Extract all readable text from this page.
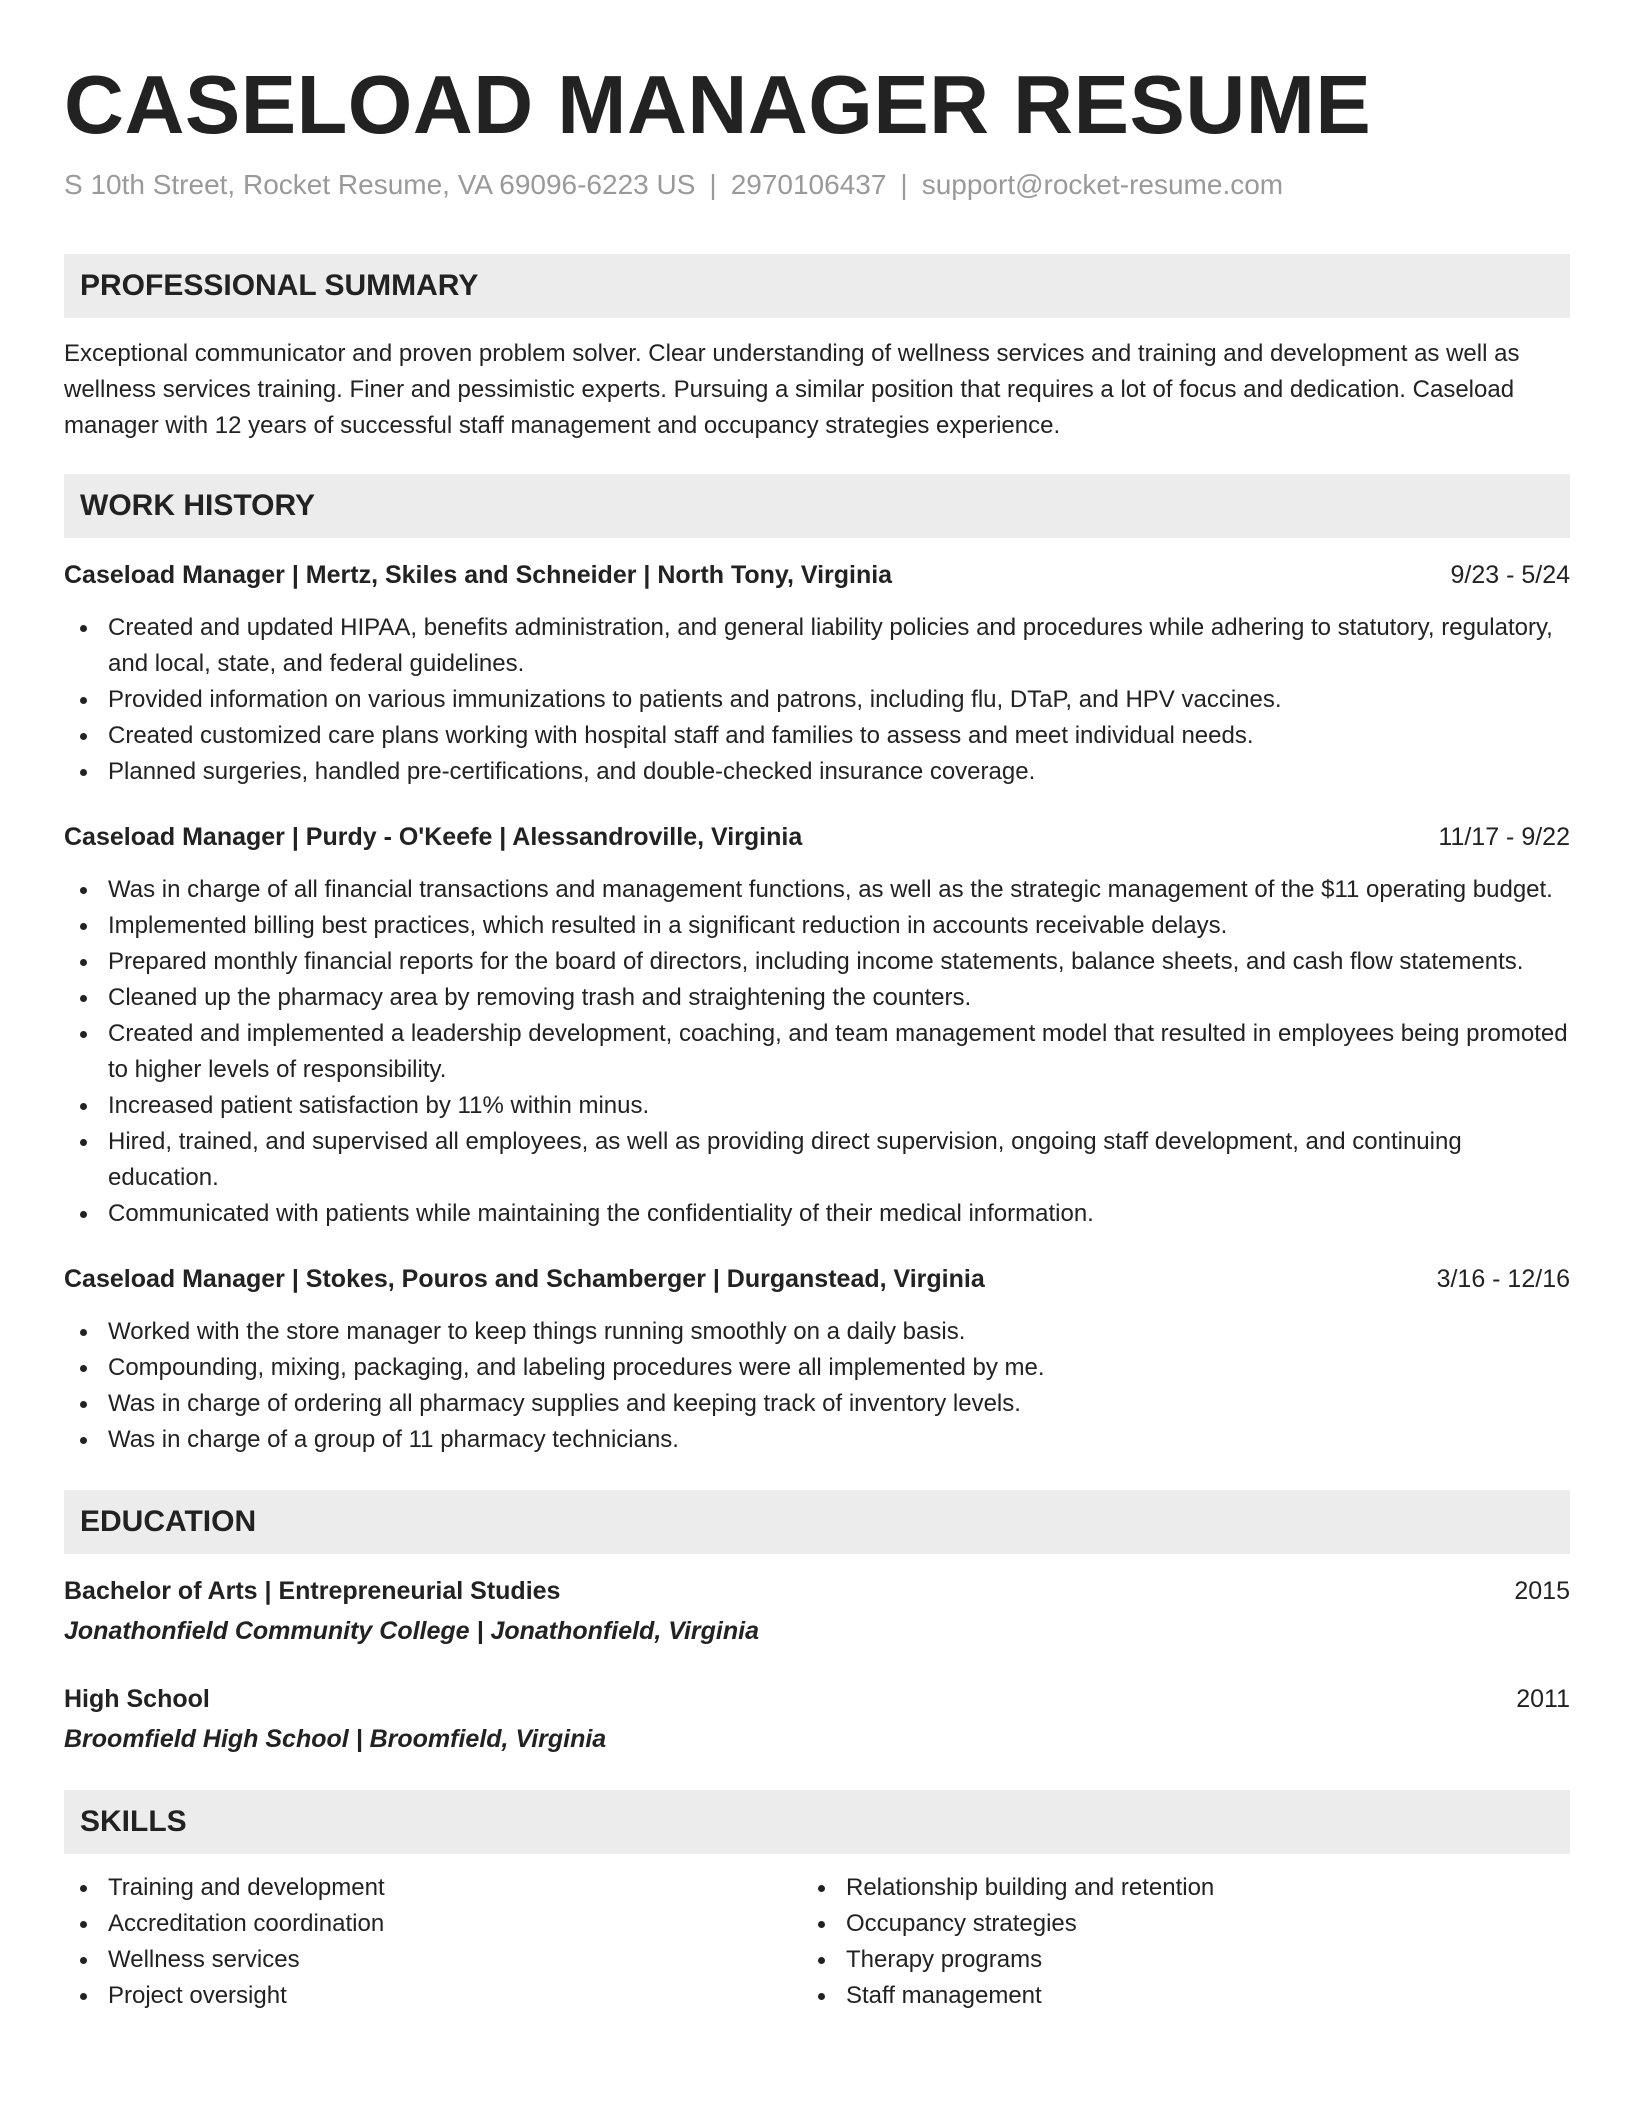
CASELOAD MANAGER RESUME
S 10th Street, Rocket Resume, VA 69096-6223 US | 2970106437 | support@rocket-resume.com
PROFESSIONAL SUMMARY

Exceptional communicator and proven problem solver. Clear understanding of wellness services and training and development as well as wellness services training. Finer and pessimistic experts. Pursuing a similar position that requires a lot of focus and dedication. Caseload manager with 12 years of successful staff management and occupancy strategies experience.

WORK HISTORY
Caseload Manager | Mertz, Skiles and Schneider | North Tony, Virginia	9/23 - 5/24
Created and updated HIPAA, benefits administration, and general liability policies and procedures while adhering to statutory, regulatory, and local, state, and federal guidelines.
Provided information on various immunizations to patients and patrons, including flu, DTaP, and HPV vaccines.
Created customized care plans working with hospital staff and families to assess and meet individual needs.
Planned surgeries, handled pre-certifications, and double-checked insurance coverage.
Caseload Manager | Purdy - O'Keefe | Alessandroville, Virginia	11/17 - 9/22
Was in charge of all financial transactions and management functions, as well as the strategic management of the $11 operating budget.
Implemented billing best practices, which resulted in a significant reduction in accounts receivable delays.
Prepared monthly financial reports for the board of directors, including income statements, balance sheets, and cash flow statements.
Cleaned up the pharmacy area by removing trash and straightening the counters.
Created and implemented a leadership development, coaching, and team management model that resulted in employees being promoted to higher levels of responsibility.
Increased patient satisfaction by 11% within minus.
Hired, trained, and supervised all employees, as well as providing direct supervision, ongoing staff development, and continuing education.
Communicated with patients while maintaining the confidentiality of their medical information.
Caseload Manager | Stokes, Pouros and Schamberger | Durganstead, Virginia	3/16 - 12/16
Worked with the store manager to keep things running smoothly on a daily basis.
Compounding, mixing, packaging, and labeling procedures were all implemented by me.
Was in charge of ordering all pharmacy supplies and keeping track of inventory levels.
Was in charge of a group of 11 pharmacy technicians.
EDUCATION
Bachelor of Arts | Entrepreneurial Studies	2015
Jonathonfield Community College | Jonathonfield, Virginia
High School	2011
Broomfield High School | Broomfield, Virginia
SKILLS
Training and development
Accreditation coordination
Wellness services
Project oversight
Relationship building and retention
Occupancy strategies
Therapy programs
Staff management
